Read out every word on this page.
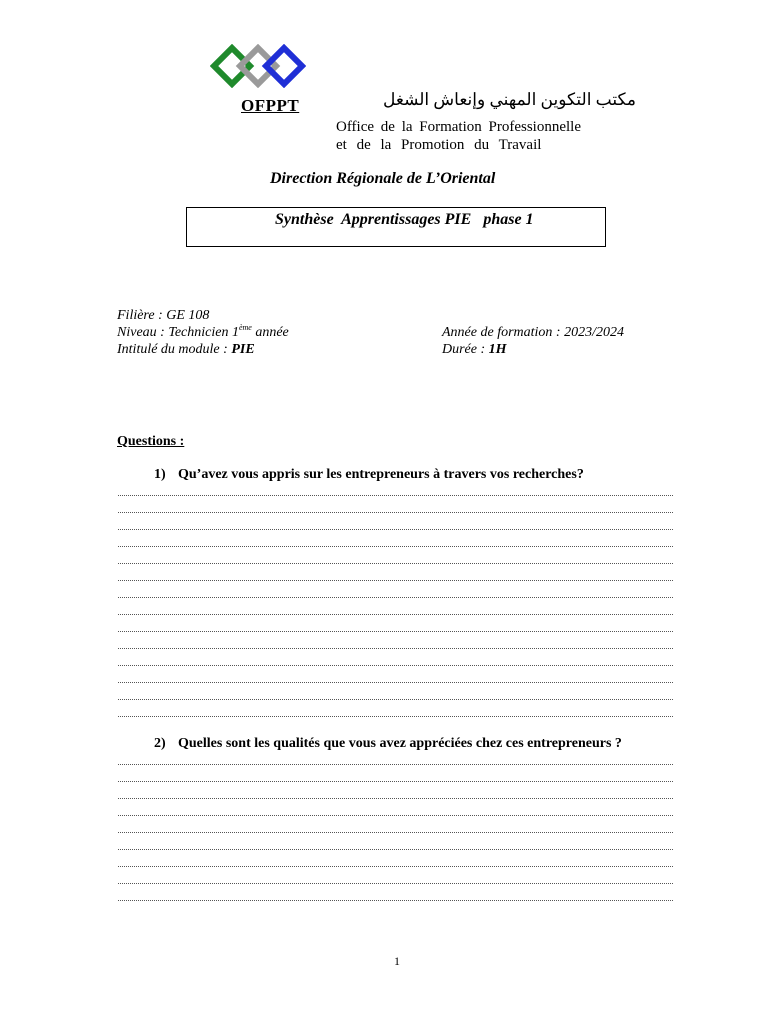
OFPPT	مكتب التكوين المهني وإنعاش الشغل
Office de la Formation Professionnelle
et de la Promotion du Travail
Direction Régionale de L’Oriental
Synthèse  Apprentissages PIE   phase 1
Filière : GE 108
Niveau : Technicien 1ème année
Intitulé du module : PIE
Année de formation : 2023/2024
Durée : 1H
Questions :
1) Qu’avez vous appris sur les entrepreneurs à travers vos recherches?
2) Quelles sont les qualités que vous avez appréciées chez ces entrepreneurs ?
1
